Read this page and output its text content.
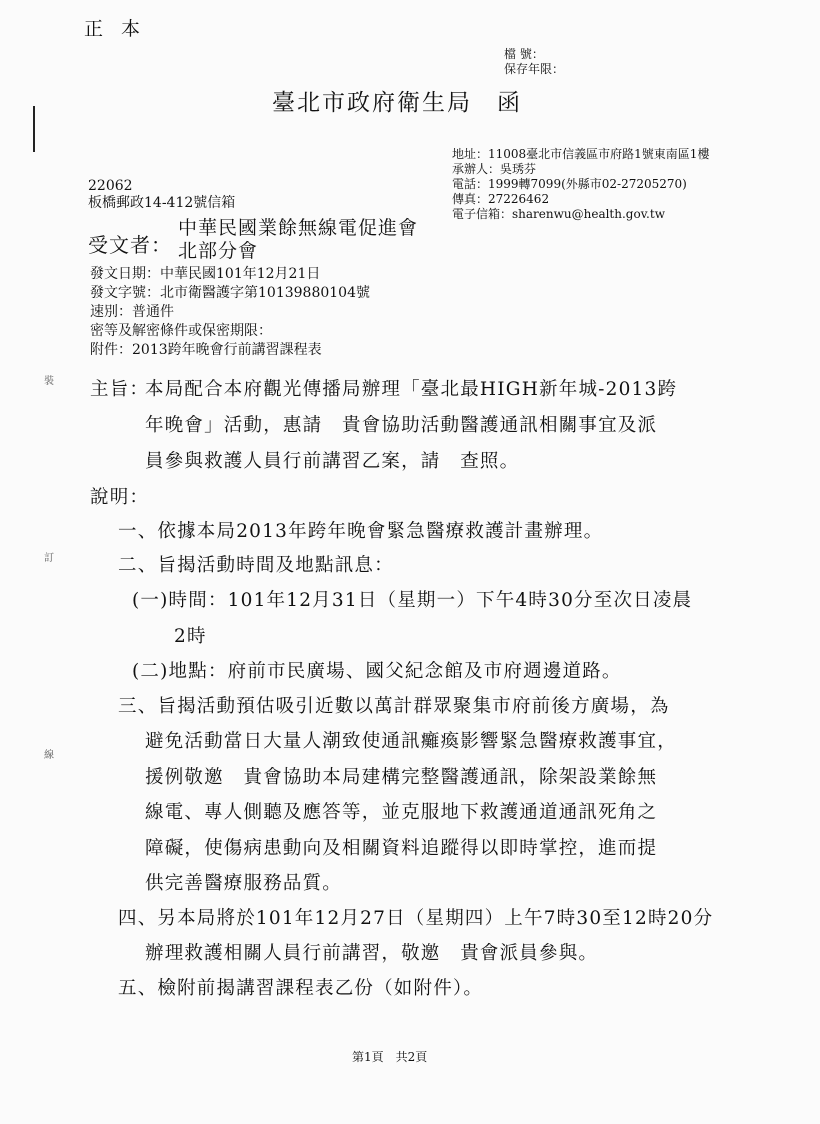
正 本
檔 號：
保存年限：
臺北市政府衛生局　函
地址：11008臺北市信義區市府路1號東南區1樓
承辦人：吳琇芬
電話：1999轉7099(外縣市02-27205270)
傳真：27226462
電子信箱：sharenwu@health.gov.tw
22062
板橋郵政14-412號信箱
受文者：
中華民國業餘無線電促進會
北部分會
發文日期：中華民國101年12月21日
發文字號：北市衛醫護字第10139880104號
速別：普通件
密等及解密條件或保密期限：
附件：2013跨年晚會行前講習課程表
裝
訂
線
主旨：
本局配合本府觀光傳播局辦理「臺北最HIGH新年城-2013跨
年晚會」活動，惠請　貴會協助活動醫護通訊相關事宜及派
員參與救護人員行前講習乙案，請　查照。
說明：
一、依據本局2013年跨年晚會緊急醫療救護計畫辦理。
二、旨揭活動時間及地點訊息：
(一)時間：101年12月31日（星期一）下午4時30分至次日凌晨
2時
(二)地點：府前市民廣場、國父紀念館及市府週邊道路。
三、旨揭活動預估吸引近數以萬計群眾聚集市府前後方廣場，為
避免活動當日大量人潮致使通訊癱瘓影響緊急醫療救護事宜，
援例敬邀　貴會協助本局建構完整醫護通訊，除架設業餘無
線電、專人側聽及應答等，並克服地下救護通道通訊死角之
障礙，使傷病患動向及相關資料追蹤得以即時掌控，進而提
供完善醫療服務品質。
四、另本局將於101年12月27日（星期四）上午7時30至12時20分
辦理救護相關人員行前講習，敬邀　貴會派員參與。
五、檢附前揭講習課程表乙份（如附件）。
第1頁　共2頁
